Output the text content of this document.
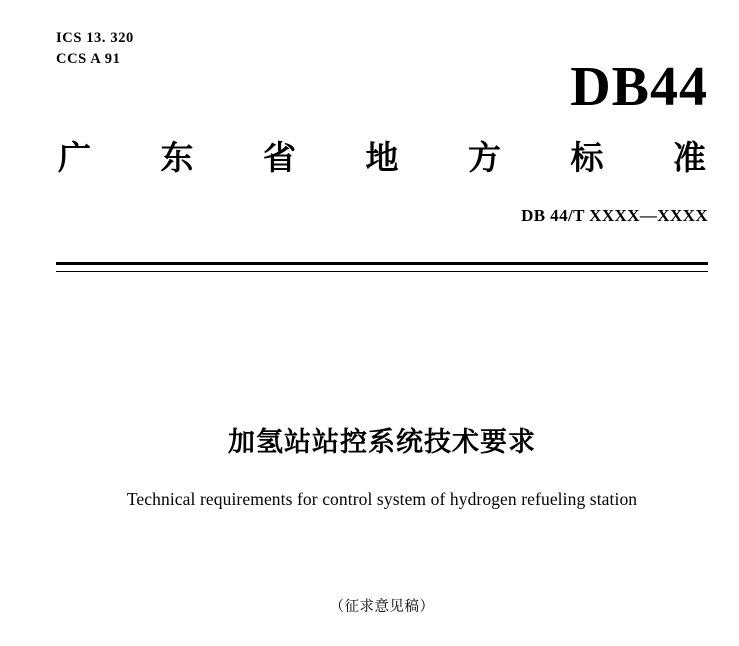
ICS 13. 320
CCS A 91	DB44
广 东 省 地 方 标 准
DB 44/T XXXX—XXXX
加氢站站控系统技术要求
Technical requirements for control system of hydrogen refueling station
（征求意见稿）
